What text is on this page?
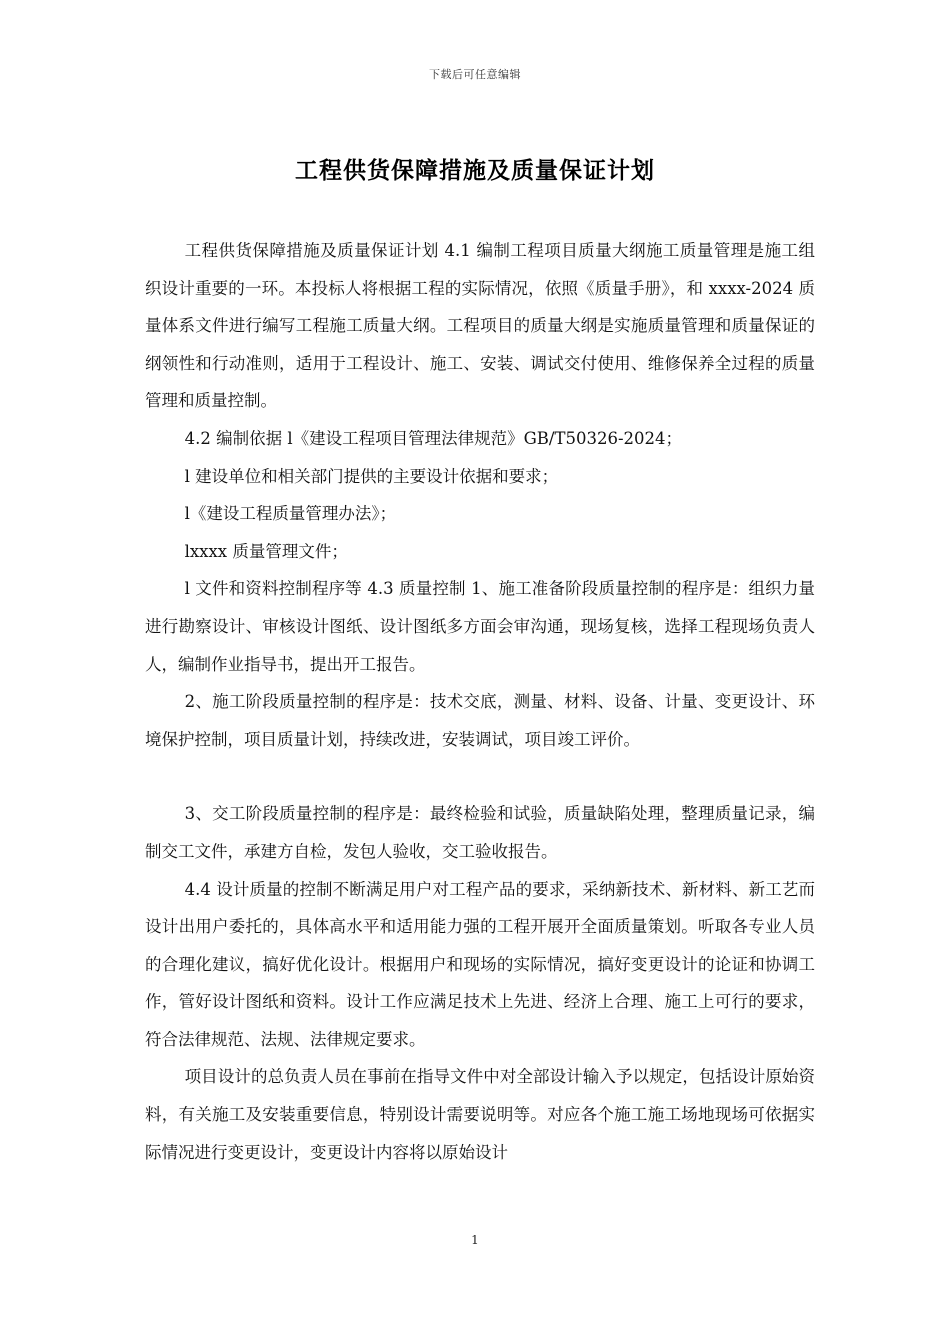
下载后可任意编辑
工程供货保障措施及质量保证计划

工程供货保障措施及质量保证计划 4.1 编制工程项目质量大纲施工质量管理是施工组织设计重要的一环。本投标人将根据工程的实际情况，依照《质量手册》，和 xxxx-2024 质量体系文件进行编写工程施工质量大纲。工程项目的质量大纲是实施质量管理和质量保证的纲领性和行动准则，适用于工程设计、施工、安装、调试交付使用、维修保养全过程的质量管理和质量控制。

4.2 编制依据 l《建设工程项目管理法律规范》GB/T50326-2024；

l 建设单位和相关部门提供的主要设计依据和要求；

l《建设工程质量管理办法》；

lxxxx 质量管理文件；

l 文件和资料控制程序等 4.3 质量控制 1、施工准备阶段质量控制的程序是：组织力量进行勘察设计、审核设计图纸、设计图纸多方面会审沟通，现场复核，选择工程现场负责人人，编制作业指导书，提出开工报告。

2、施工阶段质量控制的程序是：技术交底，测量、材料、设备、计量、变更设计、环境保护控制，项目质量计划，持续改进，安装调试，项目竣工评价。

3、交工阶段质量控制的程序是：最终检验和试验，质量缺陷处理，整理质量记录，编制交工文件，承建方自检，发包人验收，交工验收报告。

4.4 设计质量的控制不断满足用户对工程产品的要求，采纳新技术、新材料、新工艺而设计出用户委托的，具体高水平和适用能力强的工程开展开全面质量策划。听取各专业人员的合理化建议，搞好优化设计。根据用户和现场的实际情况，搞好变更设计的论证和协调工作，管好设计图纸和资料。设计工作应满足技术上先进、经济上合理、施工上可行的要求，符合法律规范、法规、法律规定要求。

项目设计的总负责人员在事前在指导文件中对全部设计输入予以规定，包括设计原始资料，有关施工及安装重要信息，特别设计需要说明等。对应各个施工施工场地现场可依据实际情况进行变更设计，变更设计内容将以原始设计

1
